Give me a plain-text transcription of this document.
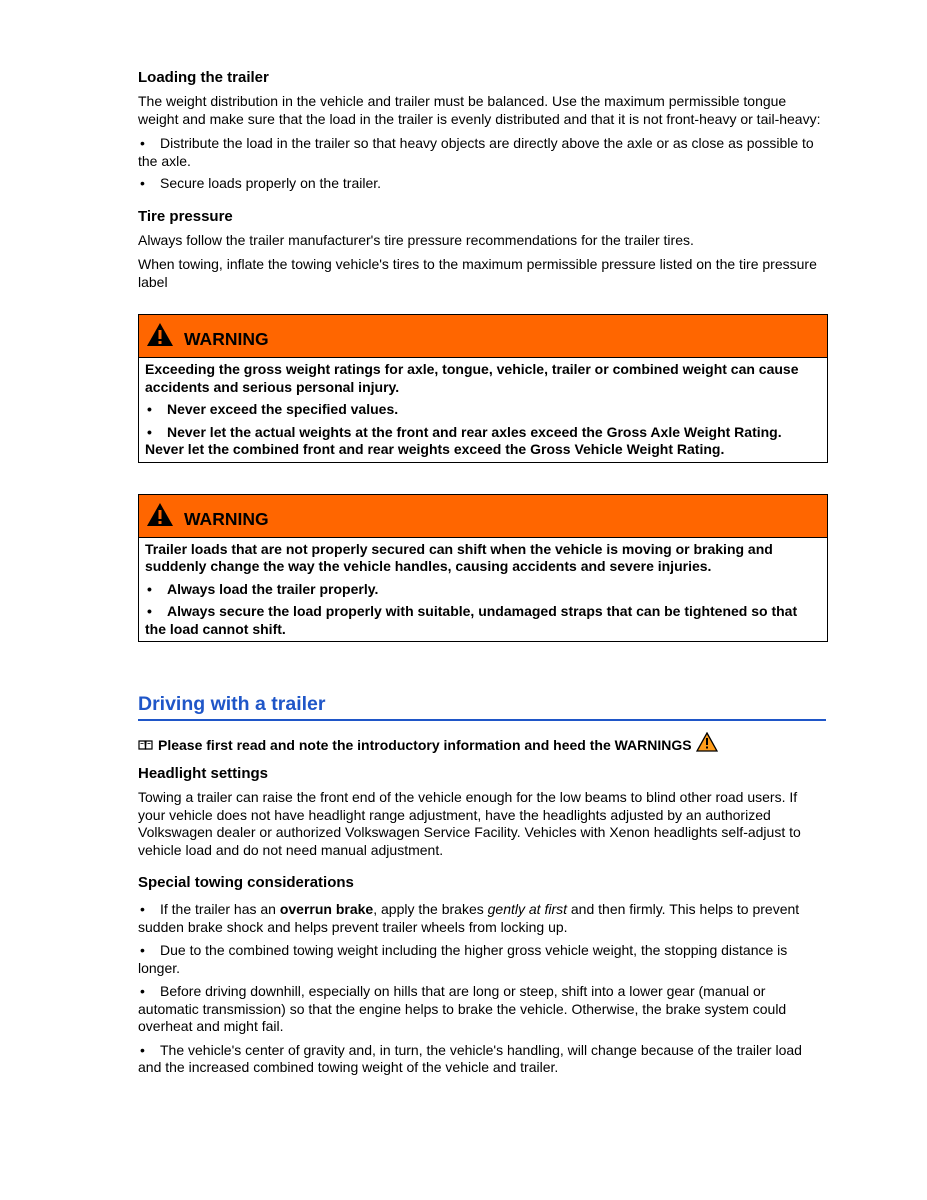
Loading the trailer

The weight distribution in the vehicle and trailer must be balanced. Use the maximum permissible tongue weight and make sure that the load in the trailer is evenly distributed and that it is not front-heavy or tail-heavy:

• Distribute the load in the trailer so that heavy objects are directly above the axle or as close as possible to the axle.
• Secure loads properly on the trailer.
Tire pressure

Always follow the trailer manufacturer's tire pressure recommendations for the trailer tires.

When towing, inflate the towing vehicle's tires to the maximum permissible pressure listed on the tire pressure label

WARNING

Exceeding the gross weight ratings for axle, tongue, vehicle, trailer or combined weight can cause accidents and serious personal injury.

• Never exceed the specified values.
• Never let the actual weights at the front and rear axles exceed the Gross Axle Weight Rating. Never let the combined front and rear weights exceed the Gross Vehicle Weight Rating.
WARNING

Trailer loads that are not properly secured can shift when the vehicle is moving or braking and suddenly change the way the vehicle handles, causing accidents and severe injuries.

• Always load the trailer properly.
• Always secure the load properly with suitable, undamaged straps that can be tightened so that the load cannot shift.
Driving with a trailer
Please first read and note the introductory information and heed the WARNINGS
Headlight settings

Towing a trailer can raise the front end of the vehicle enough for the low beams to blind other road users. If your vehicle does not have headlight range adjustment, have the headlights adjusted by an authorized Volkswagen dealer or authorized Volkswagen Service Facility. Vehicles with Xenon headlights self-adjust to vehicle load and do not need manual adjustment.

Special towing considerations
• If the trailer has an overrun brake, apply the brakes gently at first and then firmly. This helps to prevent sudden brake shock and helps prevent trailer wheels from locking up.
• Due to the combined towing weight including the higher gross vehicle weight, the stopping distance is longer.
• Before driving downhill, especially on hills that are long or steep, shift into a lower gear (manual or automatic transmission) so that the engine helps to brake the vehicle. Otherwise, the brake system could overheat and might fail.
• The vehicle's center of gravity and, in turn, the vehicle's handling, will change because of the trailer load and the increased combined towing weight of the vehicle and trailer.
